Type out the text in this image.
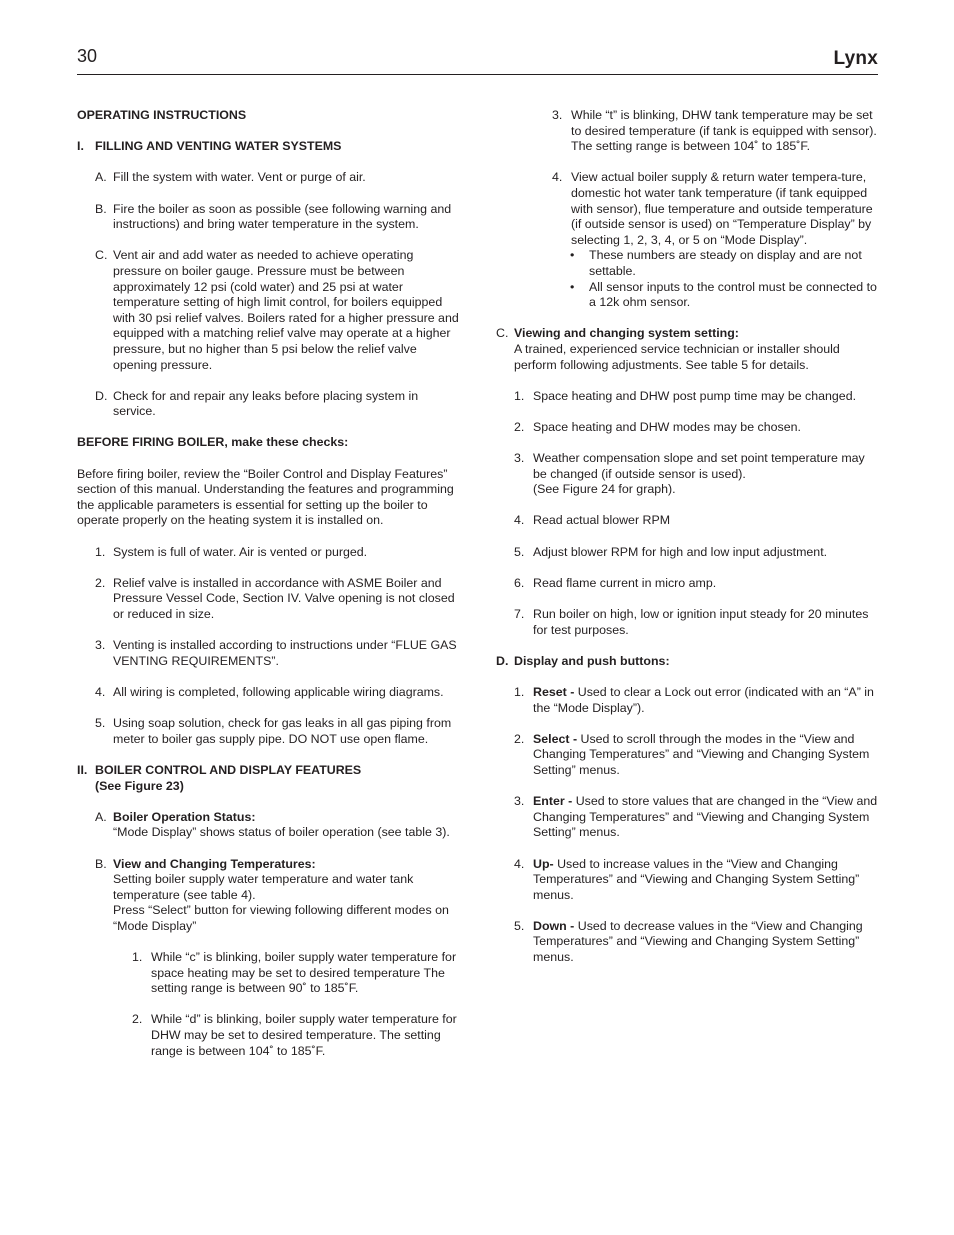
30	Lynx

OPERATING INSTRUCTIONS

I. FILLING AND VENTING WATER SYSTEMS
A. Fill the system with water. Vent or purge of air.
B. Fire the boiler as soon as possible (see following warning and instructions) and bring water temperature in the system.
C. Vent air and add water as needed to achieve operating pressure on boiler gauge. Pressure must be between approximately 12 psi (cold water) and 25 psi at water temperature setting of high limit control, for boilers equipped with 30 psi relief valves. Boilers rated for a higher pressure and equipped with a matching relief valve may operate at a higher pressure, but no higher than 5 psi below the relief valve opening pressure.
D. Check for and repair any leaks before placing system in service.

BEFORE FIRING BOILER, make these checks:

Before firing boiler, review the “Boiler Control and Display Features” section of this manual. Understanding the features and programming the applicable parameters is essential for setting up the boiler to operate properly on the heating system it is installed on.

1. System is full of water. Air is vented or purged.
2. Relief valve is installed in accordance with ASME Boiler and Pressure Vessel Code, Section IV. Valve opening is not closed or reduced in size.
3. Venting is installed according to instructions under “FLUE GAS VENTING REQUIREMENTS”.
4. All wiring is completed, following applicable wiring diagrams.
5. Using soap solution, check for gas leaks in all gas piping from meter to boiler gas supply pipe. DO NOT use open flame.
II. BOILER CONTROL AND DISPLAY FEATURES
(See Figure 23)
A. Boiler Operation Status:
“Mode Display” shows status of boiler operation (see table 3).
B. View and Changing Temperatures:
Setting boiler supply water temperature and water tank temperature (see table 4).
Press “Select” button for viewing following different modes on “Mode Display”
1. While “c” is blinking, boiler supply water temperature for space heating may be set to desired temperature The setting range is between 90˚ to 185˚F.
2. While “d” is blinking, boiler supply water temperature for DHW may be set to desired temperature. The setting range is between 104˚ to 185˚F.
3. While “t” is blinking, DHW tank temperature may be set to desired temperature (if tank is equipped with sensor). The setting range is between 104˚ to 185˚F.
4. View actual boiler supply & return water tempera-ture, domestic hot water tank temperature (if tank equipped with sensor), flue temperature and outside temperature (if outside sensor is used) on “Temperature Display” by selecting 1, 2, 3, 4, or 5 on “Mode Display”.
• These numbers are steady on display and are not settable.
• All sensor inputs to the control must be connected to a 12k ohm sensor.
C. Viewing and changing system setting:
A trained, experienced service technician or installer should perform following adjustments. See table 5 for details.
1. Space heating and DHW post pump time may be changed.
2. Space heating and DHW modes may be chosen.
3. Weather compensation slope and set point temperature may be changed (if outside sensor is used).
(See Figure 24 for graph).
4. Read actual blower RPM
5. Adjust blower RPM for high and low input adjustment.
6. Read flame current in micro amp.
7. Run boiler on high, low or ignition input steady for 20 minutes for test purposes.
D. Display and push buttons:
1. Reset - Used to clear a Lock out error (indicated with an “A” in the “Mode Display”).
2. Select - Used to scroll through the modes in the “View and Changing Temperatures” and “Viewing and Changing System Setting” menus.
3. Enter - Used to store values that are changed in the “View and Changing Temperatures” and “Viewing and Changing System Setting” menus.
4. Up- Used to increase values in the “View and Changing Temperatures” and “Viewing and Changing System Setting” menus.
5. Down - Used to decrease values in the “View and Changing Temperatures” and “Viewing and Changing System Setting” menus.
